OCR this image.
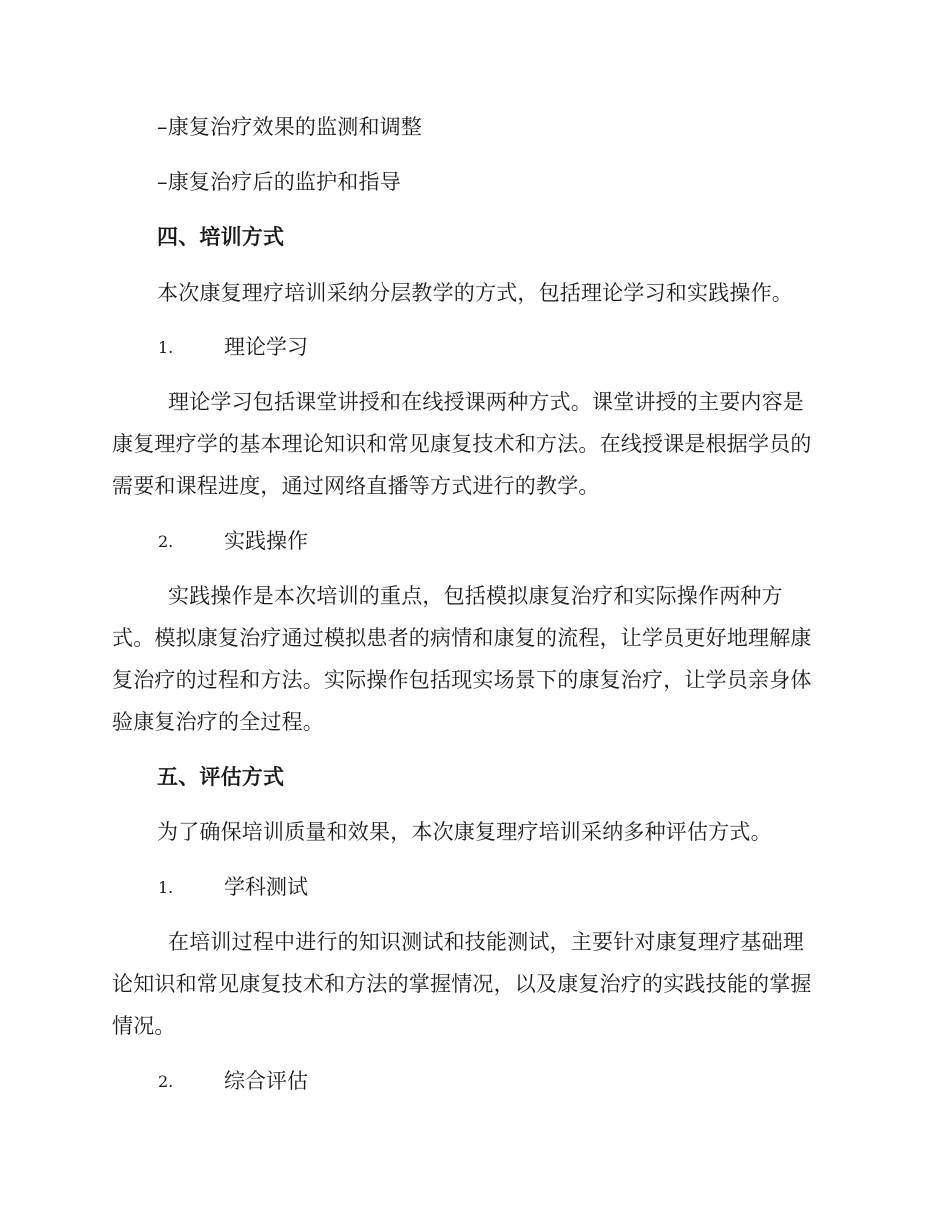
–康复治疗效果的监测和调整
–康复治疗后的监护和指导
四、培训方式
本次康复理疗培训采纳分层教学的方式，包括理论学习和实践操作。
1. 理论学习
理论学习包括课堂讲授和在线授课两种方式。课堂讲授的主要内容是
康复理疗学的基本理论知识和常见康复技术和方法。在线授课是根据学员的
需要和课程进度，通过网络直播等方式进行的教学。
2. 实践操作
实践操作是本次培训的重点，包括模拟康复治疗和实际操作两种方
式。模拟康复治疗通过模拟患者的病情和康复的流程，让学员更好地理解康
复治疗的过程和方法。实际操作包括现实场景下的康复治疗，让学员亲身体
验康复治疗的全过程。
五、评估方式
为了确保培训质量和效果，本次康复理疗培训采纳多种评估方式。
1. 学科测试
在培训过程中进行的知识测试和技能测试，主要针对康复理疗基础理
论知识和常见康复技术和方法的掌握情况，以及康复治疗的实践技能的掌握
情况。
2. 综合评估
